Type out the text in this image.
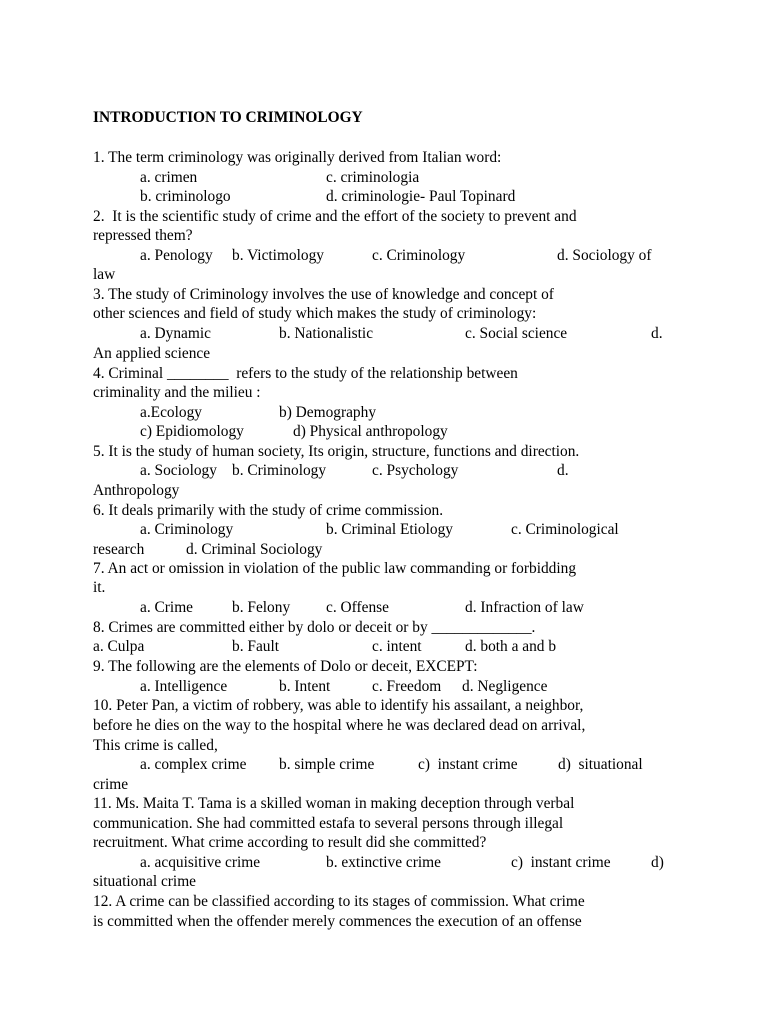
INTRODUCTION TO CRIMINOLOGY
1. The term criminology was originally derived from Italian word:
a. crimen	c. criminologia
b. criminologo	d. criminologie- Paul Topinard
2.  It is the scientific study of crime and the effort of the society to prevent and
repressed them?
a. Penology b. Victimology	c. Criminology	d. Sociology of
law
3. The study of Criminology involves the use of knowledge and concept of
other sciences and field of study which makes the study of criminology:
a. Dynamic	b. Nationalistic	c. Social science	d.
An applied science
4. Criminal ________  refers to the study of the relationship between
criminality and the milieu :
a.Ecology	b) Demography
c) Epidiomology	d) Physical anthropology
5. It is the study of human society, Its origin, structure, functions and direction.
a. Sociology b. Criminology	c. Psychology	d.
Anthropology
6. It deals primarily with the study of crime commission.
a. Criminology	b. Criminal Etiology	c. Criminological
research	d. Criminal Sociology
7. An act or omission in violation of the public law commanding or forbidding
it.
a. Crime	b. Felony c. Offense	d. Infraction of law
8. Crimes are committed either by dolo or deceit or by _____________.
a. Culpa	b. Fault	c. intent	d. both a and b
9. The following are the elements of Dolo or deceit, EXCEPT:
a. Intelligence	b. Intent	c. Freedom d. Negligence
10. Peter Pan, a victim of robbery, was able to identify his assailant, a neighbor,
before he dies on the way to the hospital where he was declared dead on arrival,
This crime is called,
a. complex crime b. simple crime	c)  instant crime	d)  situational
crime
11. Ms. Maita T. Tama is a skilled woman in making deception through verbal
communication. She had committed estafa to several persons through illegal
recruitment. What crime according to result did she committed?
a. acquisitive crime	b. extinctive crime	c)  instant crime	d)
situational crime
12. A crime can be classified according to its stages of commission. What crime
is committed when the offender merely commences the execution of an offense
